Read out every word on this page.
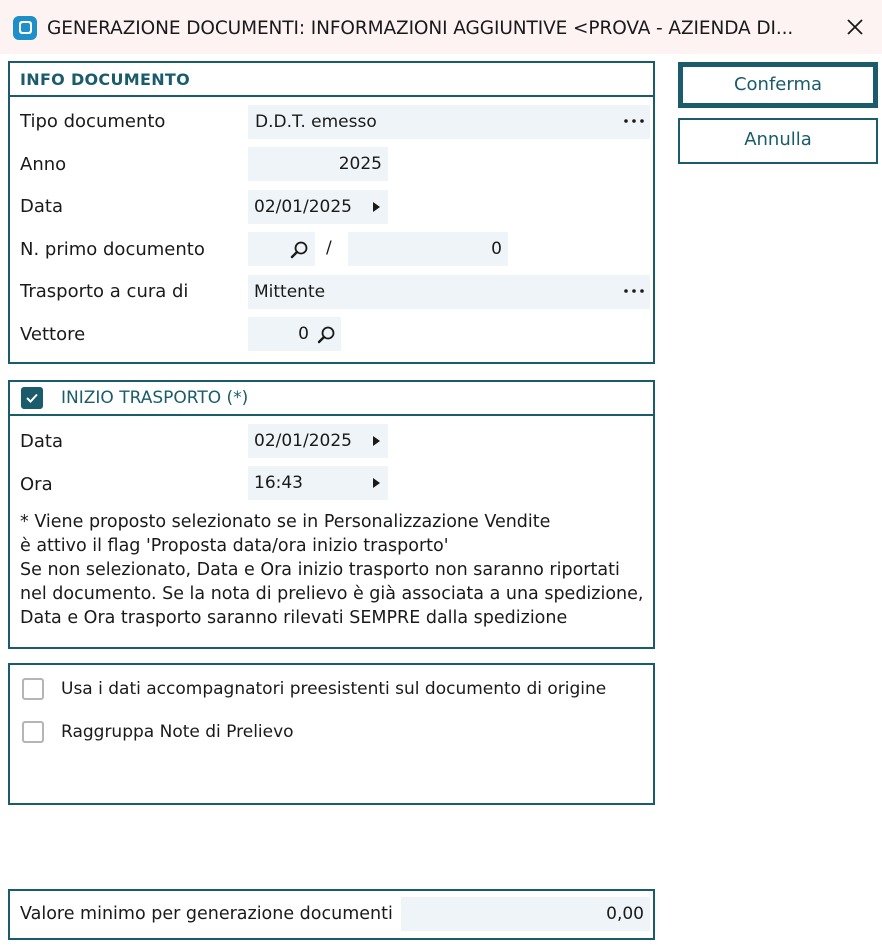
GENERAZIONE DOCUMENTI: INFORMAZIONI AGGIUNTIVE <PROVA - AZIENDA DI...
Conferma
Annulla
INFO DOCUMENTO
Tipo documento	D.D.T. emesso
Anno	2025
Data	02/01/2025
N. primo documento	/	0
Trasporto a cura di	Mittente
Vettore	0
INIZIO TRASPORTO (*)
Data	02/01/2025
Ora	16:43
* Viene proposto selezionato se in Personalizzazione Vendite
è attivo il flag 'Proposta data/ora inizio trasporto'
Se non selezionato, Data e Ora inizio trasporto non saranno riportati
nel documento. Se la nota di prelievo è già associata a una spedizione,
Data e Ora trasporto saranno rilevati SEMPRE dalla spedizione
Usa i dati accompagnatori preesistenti sul documento di origine
Raggruppa Note di Prelievo
Valore minimo per generazione documenti	0,00
